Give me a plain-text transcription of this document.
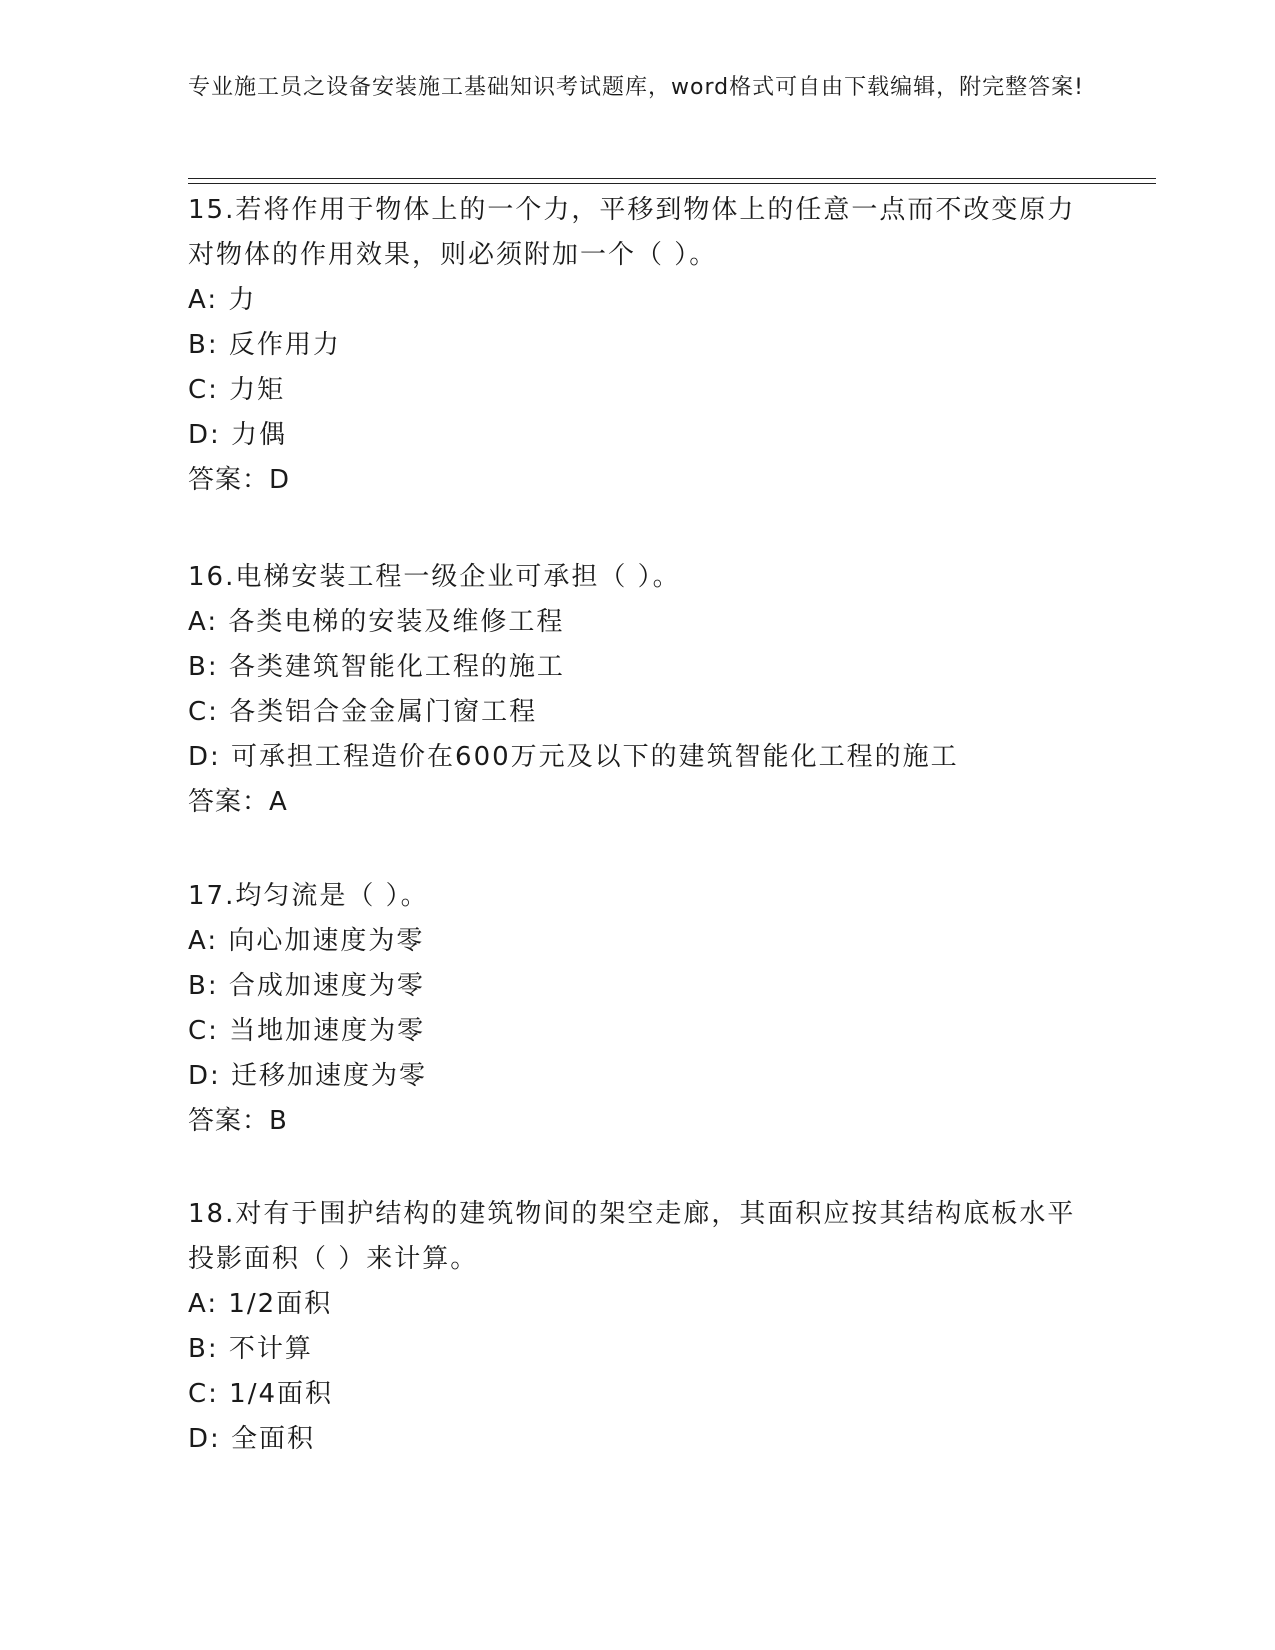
专业施工员之设备安装施工基础知识考试题库，word格式可自由下载编辑，附完整答案!
15.若将作用于物体上的一个力，平移到物体上的任意一点而不改变原力对物体的作用效果，则必须附加一个（ ）。
A: 力
B: 反作用力
C: 力矩
D: 力偶
答案：D
16.电梯安装工程一级企业可承担（ ）。
A: 各类电梯的安装及维修工程
B: 各类建筑智能化工程的施工
C: 各类铝合金金属门窗工程
D: 可承担工程造价在600万元及以下的建筑智能化工程的施工
答案：A
17.均匀流是（ ）。
A: 向心加速度为零
B: 合成加速度为零
C: 当地加速度为零
D: 迁移加速度为零
答案：B
18.对有于围护结构的建筑物间的架空走廊，其面积应按其结构底板水平投影面积（ ）来计算。
A: 1/2面积
B: 不计算
C: 1/4面积
D: 全面积
